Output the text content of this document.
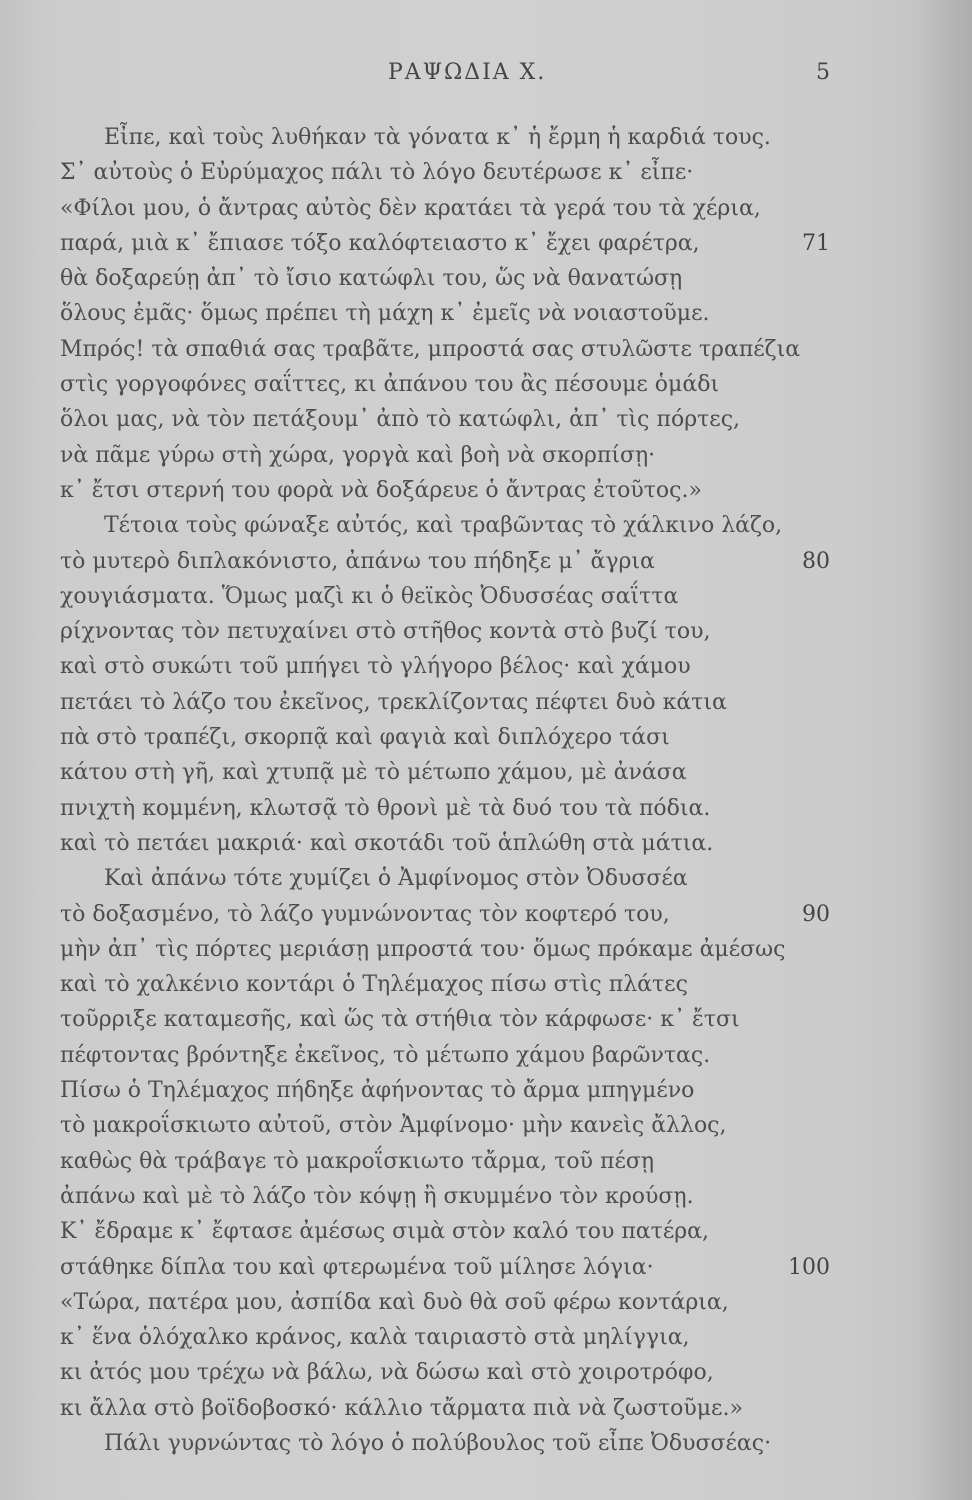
ΡΑΨΩΔΙΑ Χ.	5
Εἶπε, καὶ τοὺς λυθήκαν τὰ γόνατα κ᾽ ἡ ἔρμη ἡ καρδιά τους.
Σ᾽ αὐτοὺς ὁ Εὐρύμαχος πάλι τὸ λόγο δευτέρωσε κ᾽ εἶπε·
«Φίλοι μου, ὁ ἄντρας αὐτὸς δὲν κρατάει τὰ γερά του τὰ χέρια,
παρά, μιὰ κ᾽ ἔπιασε τόξο καλόφτειαστο κ᾽ ἔχει φαρέτρα,	71
θὰ δοξαρεύῃ ἀπ᾽ τὸ ἴσιο κατώφλι του, ὥς νὰ θανατώσῃ
ὅλους ἐμᾶς· ὅμως πρέπει τὴ μάχη κ᾽ ἐμεῖς νὰ νοιαστοῦμε.
Μπρός! τὰ σπαθιά σας τραβᾶτε, μπροστά σας στυλῶστε τραπέζια
στὶς γοργοφόνες σαΐττες, κι ἀπάνου του ἂς πέσουμε ὁμάδι
ὅλοι μας, νὰ τὸν πετάξουμ᾽ ἀπὸ τὸ κατώφλι, ἀπ᾽ τὶς πόρτες,
νὰ πᾶμε γύρω στὴ χώρα, γοργὰ καὶ βοὴ νὰ σκορπίσῃ·
κ᾽ ἔτσι στερνή του φορὰ νὰ δοξάρευε ὁ ἄντρας ἐτοῦτος.»
Τέτοια τοὺς φώναξε αὐτός, καὶ τραβῶντας τὸ χάλκινο λάζο,
τὸ μυτερὸ διπλακόνιστο, ἀπάνω του πήδηξε μ᾽ ἄγρια	80
χουγιάσματα. Ὅμως μαζὶ κι ὁ θεϊκὸς Ὀδυσσέας σαΐττα
ρίχνοντας τὸν πετυχαίνει στὸ στῆθος κοντὰ στὸ βυζί του,
καὶ στὸ συκώτι τοῦ μπήγει τὸ γλήγορο βέλος· καὶ χάμου
πετάει τὸ λάζο του ἐκεῖνος, τρεκλίζοντας πέφτει δυὸ κάτια
πὰ στὸ τραπέζι, σκορπᾷ καὶ φαγιὰ καὶ διπλόχερο τάσι
κάτου στὴ γῆ, καὶ χτυπᾷ μὲ τὸ μέτωπο χάμου, μὲ ἀνάσα
πνιχτὴ κομμένη, κλωτσᾷ τὸ θρονὶ μὲ τὰ δυό του τὰ πόδια.
καὶ τὸ πετάει μακριά· καὶ σκοτάδι τοῦ ἁπλώθη στὰ μάτια.
Καὶ ἀπάνω τότε χυμίζει ὁ Ἀμφίνομος στὸν Ὀδυσσέα
τὸ δοξασμένο, τὸ λάζο γυμνώνοντας τὸν κοφτερό του,	90
μὴν ἀπ᾽ τὶς πόρτες μεριάσῃ μπροστά του· ὅμως πρόκαμε ἀμέσως
καὶ τὸ χαλκένιο κοντάρι ὁ Τηλέμαχος πίσω στὶς πλάτες
τοῦρριξε καταμεσῆς, καὶ ὥς τὰ στήθια τὸν κάρφωσε· κ᾽ ἔτσι
πέφτοντας βρόντηξε ἐκεῖνος, τὸ μέτωπο χάμου βαρῶντας.
Πίσω ὁ Τηλέμαχος πήδηξε ἀφήνοντας τὸ ἄρμα μπηγμένο
τὸ μακροΐσκιωτο αὐτοῦ, στὸν Ἀμφίνομο· μὴν κανεὶς ἄλλος,
καθὼς θὰ τράβαγε τὸ μακροΐσκιωτο τἄρμα, τοῦ πέσῃ
ἀπάνω καὶ μὲ τὸ λάζο τὸν κόψῃ ἢ σκυμμένο τὸν κρούσῃ.
Κ᾽ ἔδραμε κ᾽ ἔφτασε ἀμέσως σιμὰ στὸν καλό του πατέρα,
στάθηκε δίπλα του καὶ φτερωμένα τοῦ μίλησε λόγια·	100
«Τώρα, πατέρα μου, ἀσπίδα καὶ δυὸ θὰ σοῦ φέρω κοντάρια,
κ᾽ ἕνα ὁλόχαλκο κράνος, καλὰ ταιριαστὸ στὰ μηλίγγια,
κι ἀτός μου τρέχω νὰ βάλω, νὰ δώσω καὶ στὸ χοιροτρόφο,
κι ἄλλα στὸ βοϊδοβοσκό· κάλλιο τἄρματα πιὰ νὰ ζωστοῦμε.»
Πάλι γυρνώντας τὸ λόγο ὁ πολύβουλος τοῦ εἶπε Ὀδυσσέας·
